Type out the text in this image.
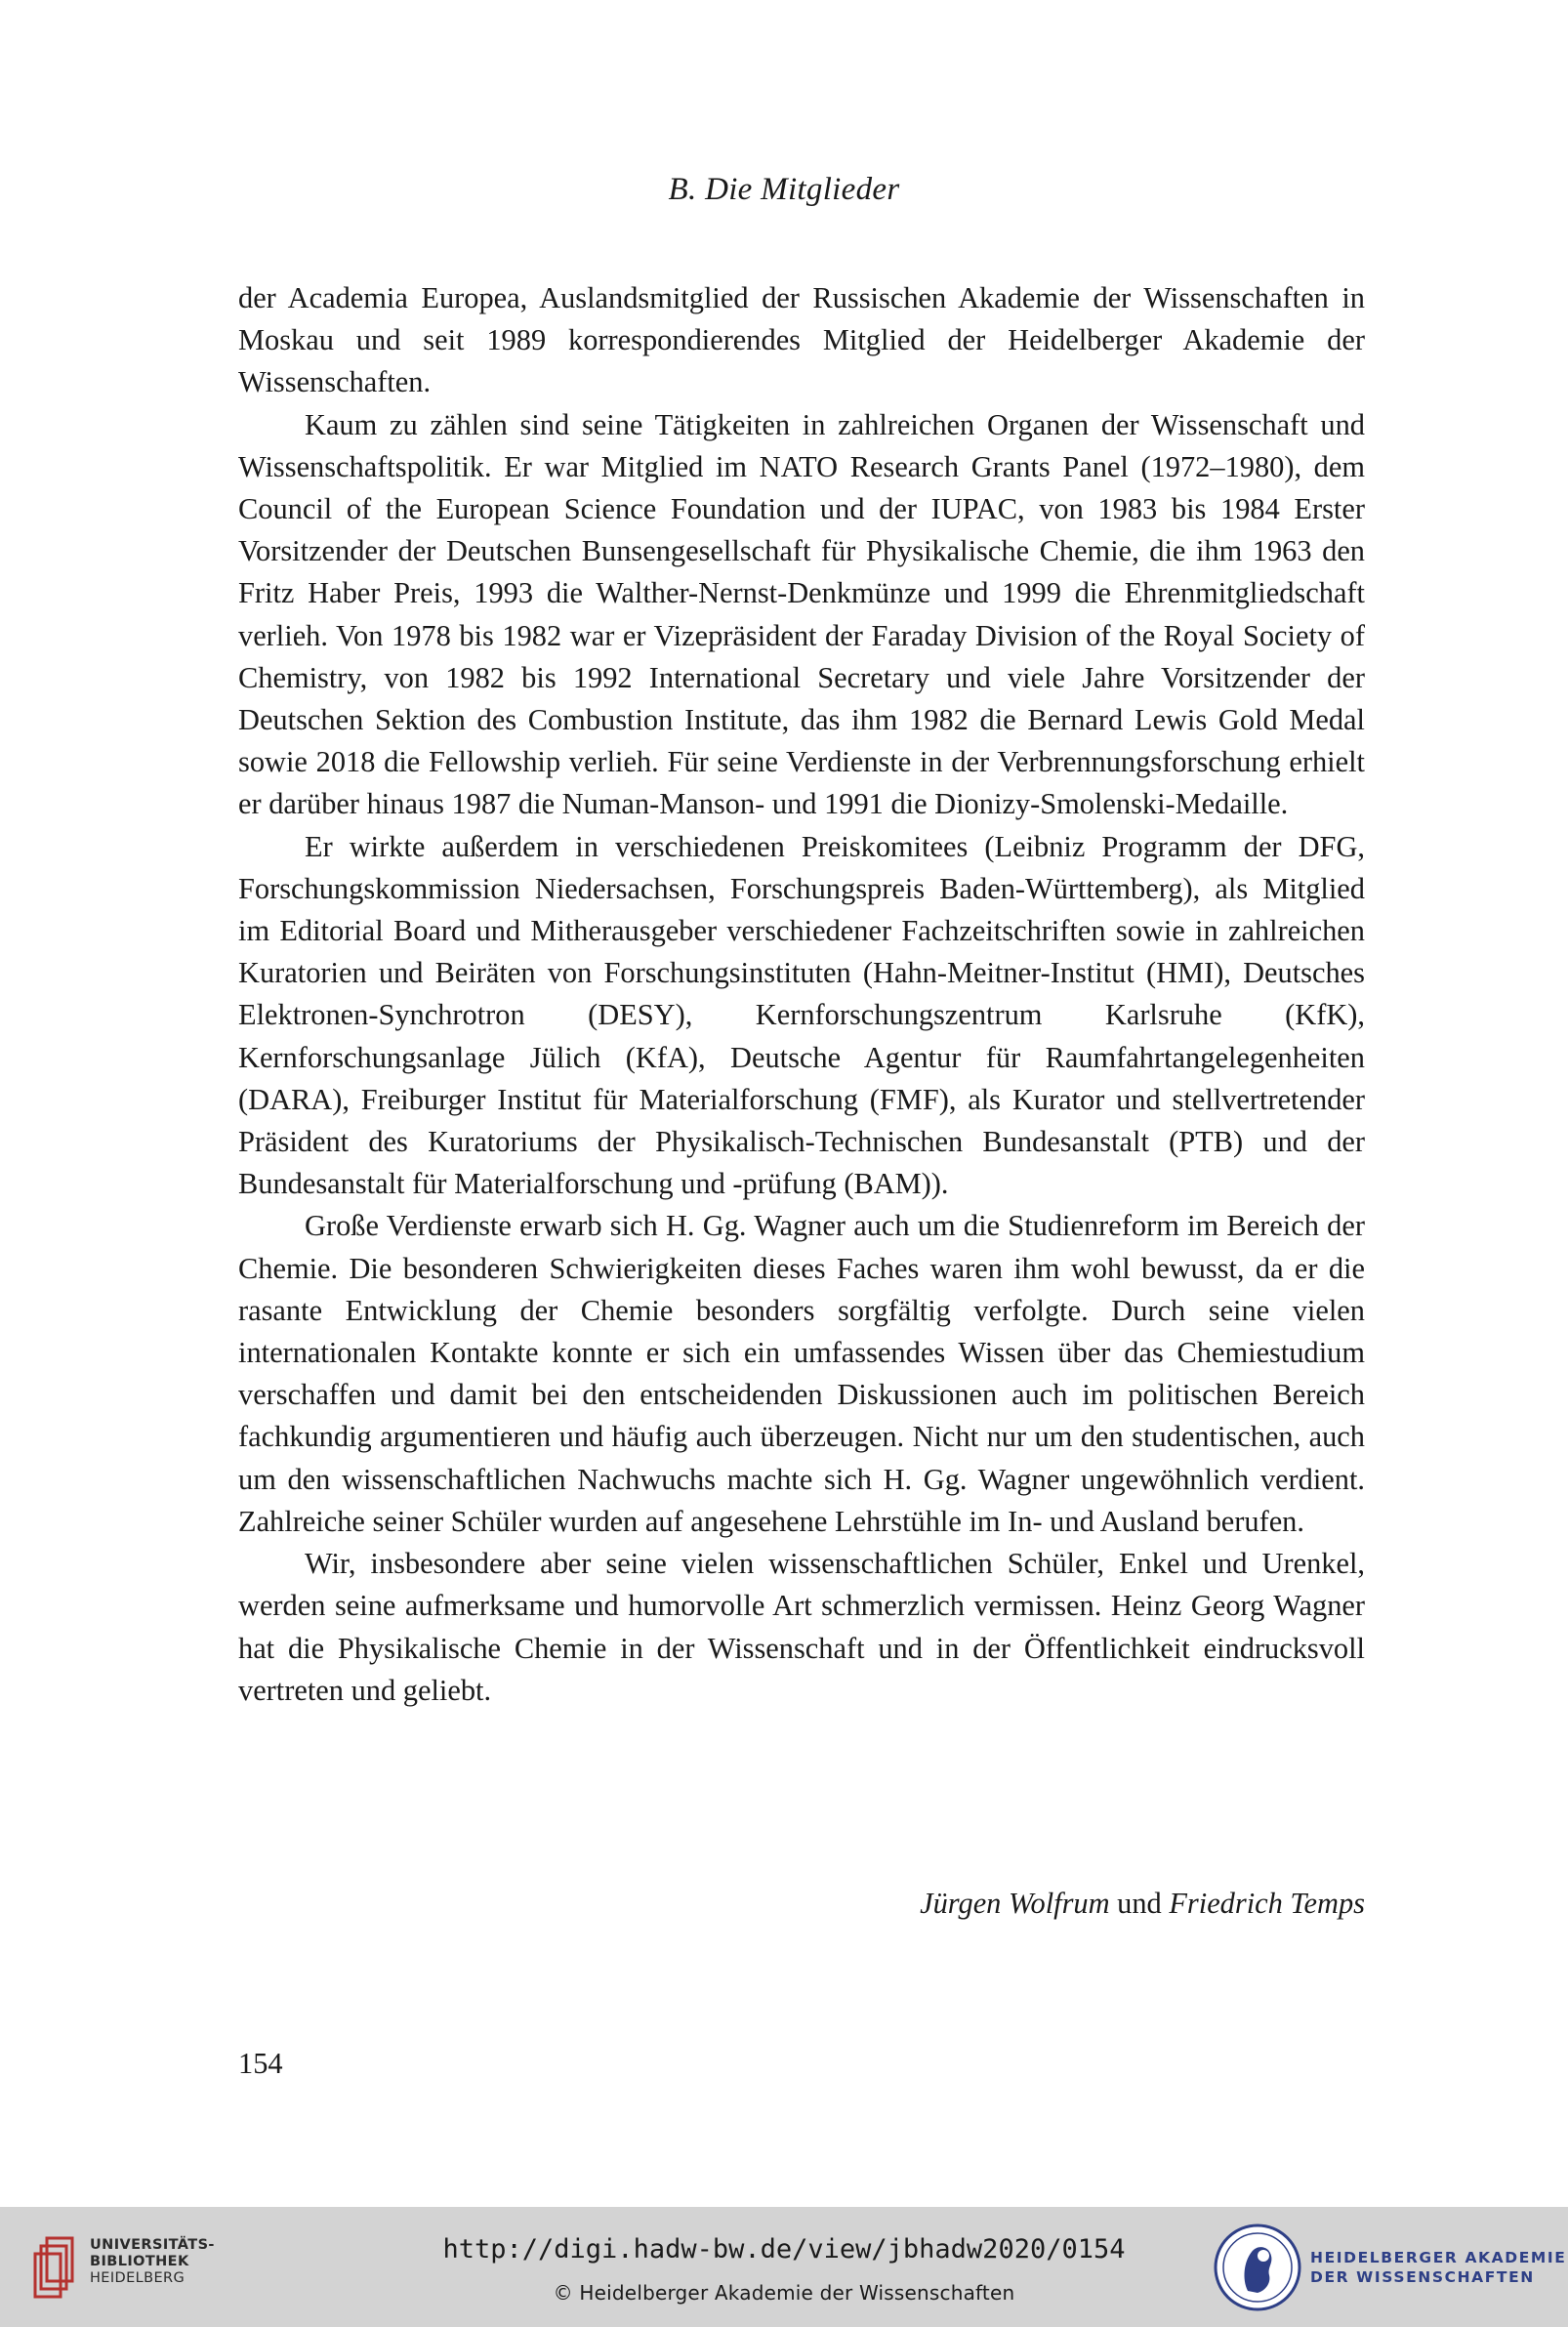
B. Die Mitglieder

der Academia Europea, Auslandsmitglied der Russischen Akademie der Wissenschaften in Moskau und seit 1989 korrespondierendes Mitglied der Heidelberger Akademie der Wissenschaften.

Kaum zu zählen sind seine Tätigkeiten in zahlreichen Organen der Wissenschaft und Wissenschaftspolitik. Er war Mitglied im NATO Research Grants Panel (1972–1980), dem Council of the European Science Foundation und der IUPAC, von 1983 bis 1984 Erster Vorsitzender der Deutschen Bunsengesellschaft für Physikalische Chemie, die ihm 1963 den Fritz Haber Preis, 1993 die Walther-Nernst-Denkmünze und 1999 die Ehrenmitgliedschaft verlieh. Von 1978 bis 1982 war er Vizepräsident der Faraday Division of the Royal Society of Chemistry, von 1982 bis 1992 International Secretary und viele Jahre Vorsitzender der Deutschen Sektion des Combustion Institute, das ihm 1982 die Bernard Lewis Gold Medal sowie 2018 die Fellowship verlieh. Für seine Verdienste in der Verbrennungsforschung erhielt er darüber hinaus 1987 die Numan-Manson- und 1991 die Dionizy-Smolenski-Medaille.

Er wirkte außerdem in verschiedenen Preiskomitees (Leibniz Programm der DFG, Forschungskommission Niedersachsen, Forschungspreis Baden-Württemberg), als Mitglied im Editorial Board und Mitherausgeber verschiedener Fachzeitschriften sowie in zahlreichen Kuratorien und Beiräten von Forschungsinstituten (Hahn-Meitner-Institut (HMI), Deutsches Elektronen-Synchrotron (DESY), Kernforschungszentrum Karlsruhe (KfK), Kernforschungsanlage Jülich (KfA), Deutsche Agentur für Raumfahrtangelegenheiten (DARA), Freiburger Institut für Materialforschung (FMF), als Kurator und stellvertretender Präsident des Kuratoriums der Physikalisch-Technischen Bundesanstalt (PTB) und der Bundesanstalt für Materialforschung und -prüfung (BAM)).

Große Verdienste erwarb sich H. Gg. Wagner auch um die Studienreform im Bereich der Chemie. Die besonderen Schwierigkeiten dieses Faches waren ihm wohl bewusst, da er die rasante Entwicklung der Chemie besonders sorgfältig verfolgte. Durch seine vielen internationalen Kontakte konnte er sich ein umfassendes Wissen über das Chemiestudium verschaffen und damit bei den entscheidenden Diskussionen auch im politischen Bereich fachkundig argumentieren und häufig auch überzeugen. Nicht nur um den studentischen, auch um den wissenschaftlichen Nachwuchs machte sich H. Gg. Wagner ungewöhnlich verdient. Zahlreiche seiner Schüler wurden auf angesehene Lehrstühle im In- und Ausland berufen.

Wir, insbesondere aber seine vielen wissenschaftlichen Schüler, Enkel und Urenkel, werden seine aufmerksame und humorvolle Art schmerzlich vermissen. Heinz Georg Wagner hat die Physikalische Chemie in der Wissenschaft und in der Öffentlichkeit eindrucksvoll vertreten und geliebt.

Jürgen Wolfrum und Friedrich Temps
154
UNIVERSITÄTS-
BIBLIOTHEK
HEIDELBERG
http://digi.hadw-bw.de/view/jbhadw2020/0154
© Heidelberger Akademie der Wissenschaften
HEIDELBERGER AKADEMIE
DER WISSENSCHAFTEN
